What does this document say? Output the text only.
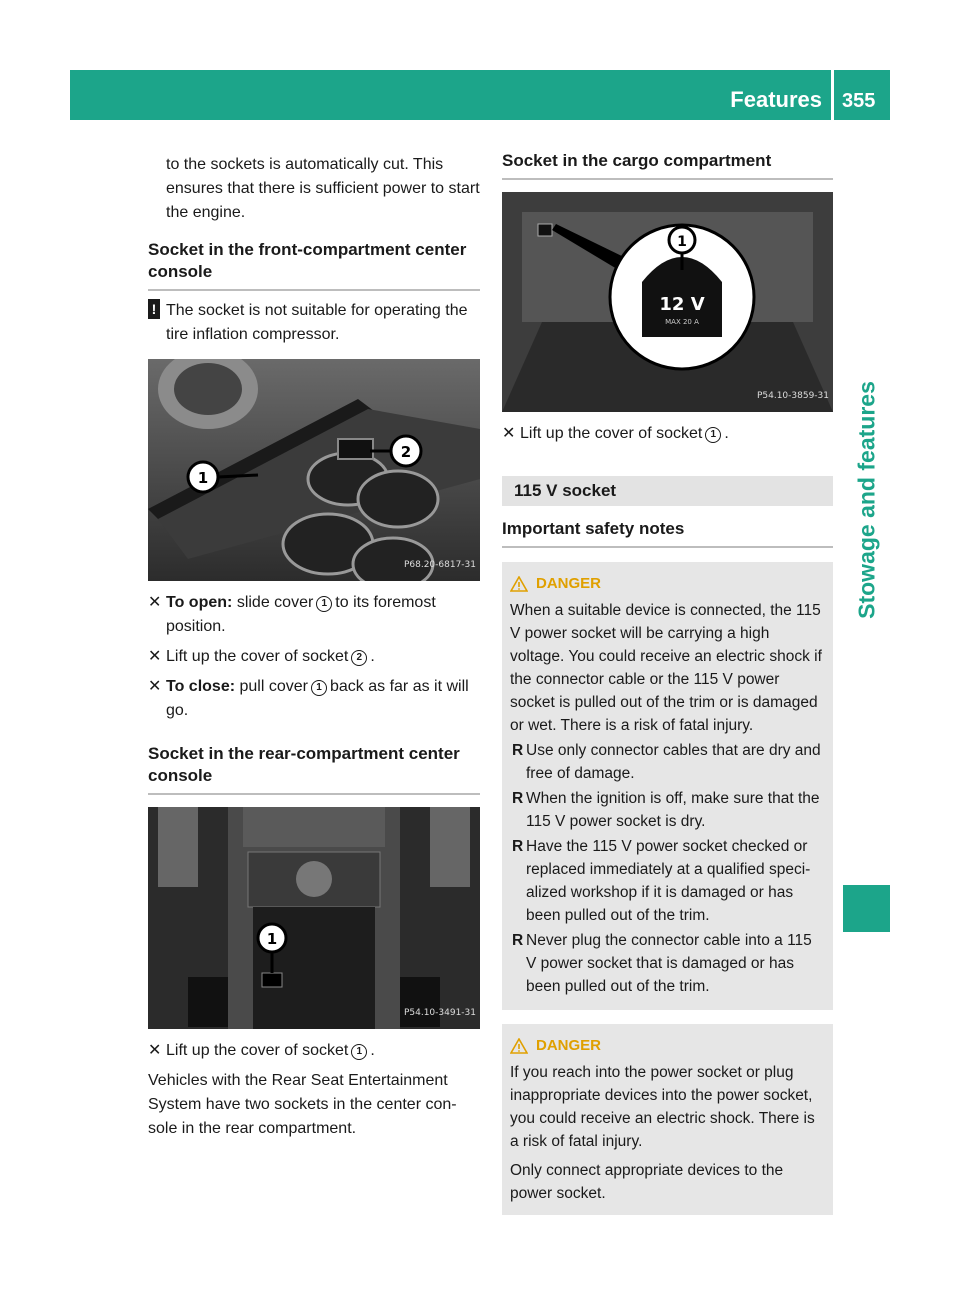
Features 355
Stowage and features

to the sockets is automatically cut. This ensures that there is sufficient power to start the engine.

Socket in the front-compartment center console
! The socket is not suitable for operating the tire inflation compressor.
1
2
P68.20-6817-31
✕ To open: slide cover 1 to its foremost position.
✕ Lift up the cover of socket 2 .
✕ To close: pull cover 1 back as far as it will go.
Socket in the rear-compartment center console
1
P54.10-3491-31
✕ Lift up the cover of socket 1 .

Vehicles with the Rear Seat Entertainment System have two sockets in the center con- sole in the rear compartment.

Socket in the cargo compartment
12 V
MAX 20 A
1
P54.10-3859-31
✕ Lift up the cover of socket 1 .
115 V socket
Important safety notes
DANGER
When a suitable device is connected, the 115 V power socket will be carrying a high voltage. You could receive an electric shock if the connector cable or the 115 V power socket is pulled out of the trim or is damaged or wet. There is a risk of fatal injury.
R Use only connector cables that are dry and free of damage.
R When the ignition is off, make sure that the 115 V power socket is dry.
R Have the 115 V power socket checked or replaced immediately at a qualified speci- alized workshop if it is damaged or has been pulled out of the trim.
R Never plug the connector cable into a 115 V power socket that is damaged or has been pulled out of the trim.
DANGER
If you reach into the power socket or plug inappropriate devices into the power socket, you could receive an electric shock. There is a risk of fatal injury.
Only connect appropriate devices to the power socket.
